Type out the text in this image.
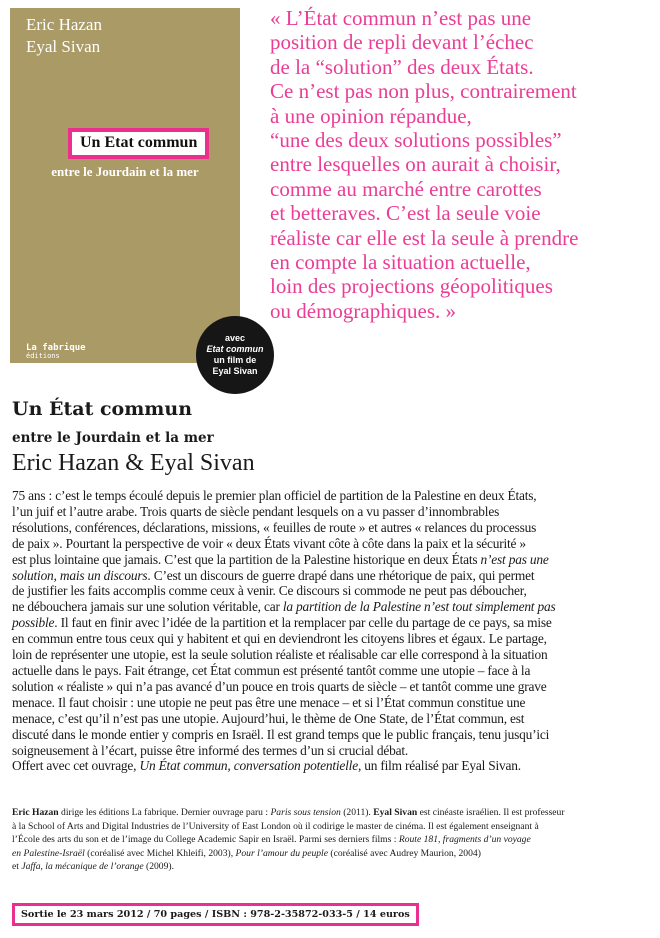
Eric Hazan
Eyal Sivan
Un Etat commun
entre le Jourdain et la mer
La fabrique
éditions
avec
Etat commun
un film de
Eyal Sivan
« L’État commun n’est pas une
position de repli devant l’échec
de la “solution” des deux États.
Ce n’est pas non plus, contrairement
à une opinion répandue,
“une des deux solutions possibles”
entre lesquelles on aurait à choisir,
comme au marché entre carottes
et betteraves. C’est la seule voie
réaliste car elle est la seule à prendre
en compte la situation actuelle,
loin des projections géopolitiques
ou démographiques. »
Un État commun
entre le Jourdain et la mer
Eric Hazan & Eyal Sivan
75 ans : c’est le temps écoulé depuis le premier plan officiel de partition de la Palestine en deux États,
l’un juif et l’autre arabe. Trois quarts de siècle pendant lesquels on a vu passer d’innombrables
résolutions, conférences, déclarations, missions, « feuilles de route » et autres « relances du processus
de paix ». Pourtant la perspective de voir « deux États vivant côte à côte dans la paix et la sécurité »
est plus lointaine que jamais. C’est que la partition de la Palestine historique en deux États n’est pas une
solution, mais un discours. C’est un discours de guerre drapé dans une rhétorique de paix, qui permet
de justifier les faits accomplis comme ceux à venir. Ce discours si commode ne peut pas déboucher,
ne débouchera jamais sur une solution véritable, car la partition de la Palestine n’est tout simplement pas
possible. Il faut en finir avec l’idée de la partition et la remplacer par celle du partage de ce pays, sa mise
en commun entre tous ceux qui y habitent et qui en deviendront les citoyens libres et égaux. Le partage,
loin de représenter une utopie, est la seule solution réaliste et réalisable car elle correspond à la situation
actuelle dans le pays. Fait étrange, cet État commun est présenté tantôt comme une utopie – face à la
solution « réaliste » qui n’a pas avancé d’un pouce en trois quarts de siècle – et tantôt comme une grave
menace. Il faut choisir : une utopie ne peut pas être une menace – et si l’État commun constitue une
menace, c’est qu’il n’est pas une utopie. Aujourd’hui, le thème de One State, de l’État commun, est
discuté dans le monde entier y compris en Israël. Il est grand temps que le public français, tenu jusqu’ici
soigneusement à l’écart, puisse être informé des termes d’un si crucial débat.
Offert avec cet ouvrage, Un État commun, conversation potentielle, un film réalisé par Eyal Sivan.
Eric Hazan dirige les éditions La fabrique. Dernier ouvrage paru : Paris sous tension (2011). Eyal Sivan est cinéaste israélien. Il est professeur
à la School of Arts and Digital Industries de l’University of East London où il codirige le master de cinéma. Il est également enseignant à
l’École des arts du son et de l’image du College Academic Sapir en Israël. Parmi ses derniers films : Route 181, fragments d’un voyage
en Palestine-Israël (coréalisé avec Michel Khleifi, 2003), Pour l’amour du peuple (coréalisé avec Audrey Maurion, 2004)
et Jaffa, la mécanique de l’orange (2009).
Sortie le 23 mars 2012 / 70 pages / ISBN : 978-2-35872-033-5 / 14 euros
